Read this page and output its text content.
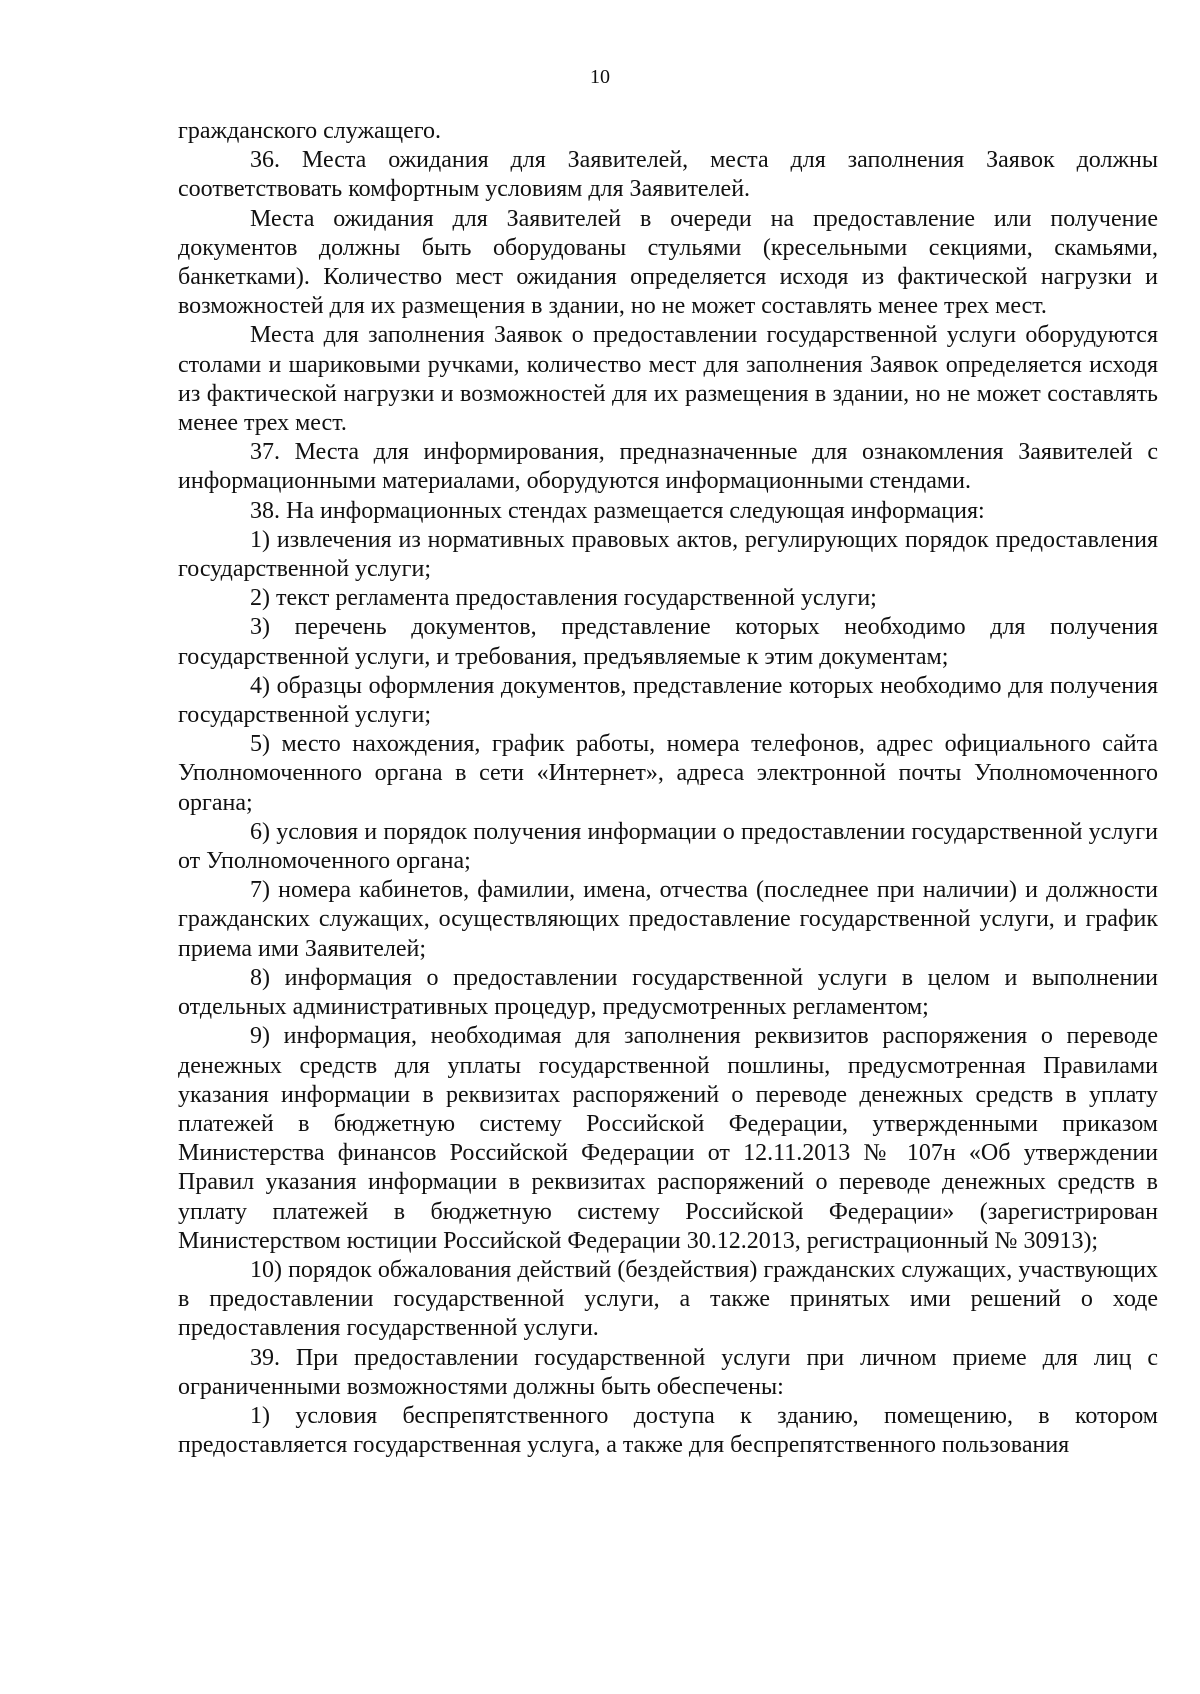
10

гражданского служащего.

36. Места ожидания для Заявителей, места для заполнения Заявок должны соответствовать комфортным условиям для Заявителей.

Места ожидания для Заявителей в очереди на предоставление или получение документов должны быть оборудованы стульями (кресельными секциями, скамьями, банкетками). Количество мест ожидания определяется исходя из фактической нагрузки и возможностей для их размещения в здании, но не может составлять менее трех мест.

Места для заполнения Заявок о предоставлении государственной услуги оборудуются столами и шариковыми ручками, количество мест для заполнения Заявок определяется исходя из фактической нагрузки и возможностей для их размещения в здании, но не может составлять менее трех мест.

37. Места для информирования, предназначенные для ознакомления Заявителей с информационными материалами, оборудуются информационными стендами.

38. На информационных стендах размещается следующая информация:

1) извлечения из нормативных правовых актов, регулирующих порядок предоставления государственной услуги;

2) текст регламента предоставления государственной услуги;

3) перечень документов, представление которых необходимо для получения государственной услуги, и требования, предъявляемые к этим документам;

4) образцы оформления документов, представление которых необходимо для получения государственной услуги;

5) место нахождения, график работы, номера телефонов, адрес официального сайта Уполномоченного органа в сети «Интернет», адреса электронной почты Уполномоченного органа;

6) условия и порядок получения информации о предоставлении государственной услуги от Уполномоченного органа;

7) номера кабинетов, фамилии, имена, отчества (последнее при наличии) и должности гражданских служащих, осуществляющих предоставление государственной услуги, и график приема ими Заявителей;

8) информация о предоставлении государственной услуги в целом и выполнении отдельных административных процедур, предусмотренных регламентом;

9) информация, необходимая для заполнения реквизитов распоряжения о переводе денежных средств для уплаты государственной пошлины, предусмотренная Правилами указания информации в реквизитах распоряжений о переводе денежных средств в уплату платежей в бюджетную систему Российской Федерации, утвержденными приказом Министерства финансов Российской Федерации от 12.11.2013 № 107н «Об утверждении Правил указания информации в реквизитах распоряжений о переводе денежных средств в уплату платежей в бюджетную систему Российской Федерации» (зарегистрирован Министерством юстиции Российской Федерации 30.12.2013, регистрационный № 30913);

10) порядок обжалования действий (бездействия) гражданских служащих, участвующих в предоставлении государственной услуги, а также принятых ими решений о ходе предоставления государственной услуги.

39. При предоставлении государственной услуги при личном приеме для лиц с ограниченными возможностями должны быть обеспечены:

1) условия беспрепятственного доступа к зданию, помещению, в котором предоставляется государственная услуга, а также для беспрепятственного пользования
